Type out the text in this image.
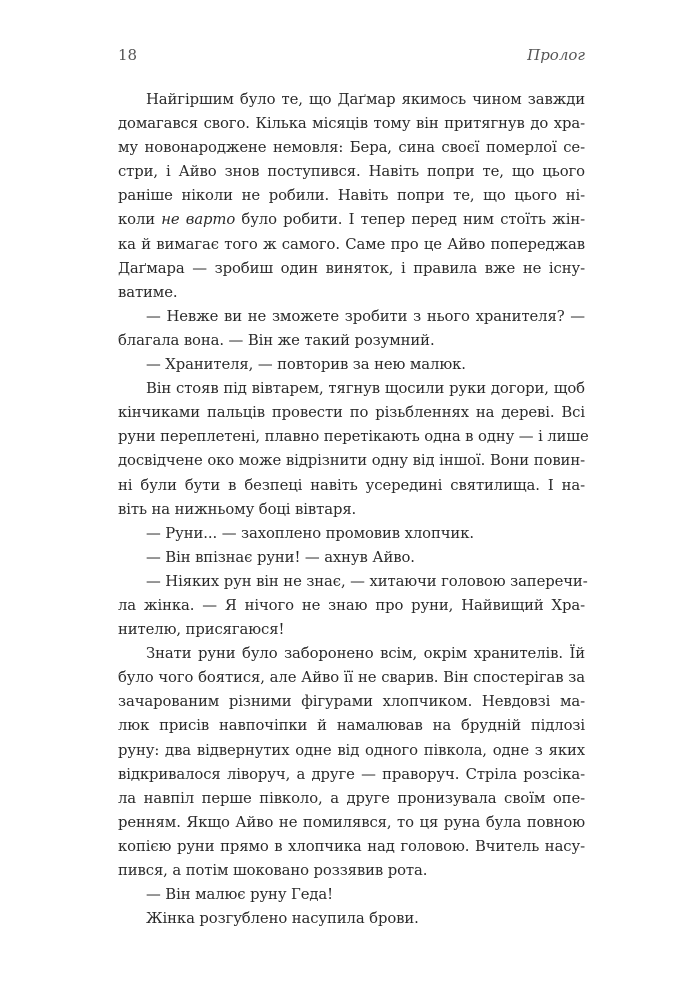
18	Пролог
Найгіршим було те, що Даґмар якимось чином завжди
домагався свого. Кілька місяців тому він притягнув до хра-
му новонароджене немовля: Бера, сина своєї померлої се-
стри, і Айво знов поступився. Навіть попри те, що цього
раніше ніколи не робили. Навіть попри те, що цього ні-
коли не варто було робити. І тепер перед ним стоїть жін-
ка й вимагає того ж самого. Саме про це Айво попереджав
Даґмара — зробиш один виняток, і правила вже не існу-
ватиме.
— Невже ви не зможете зробити з нього хранителя? —
благала вона. — Він же такий розумний.
— Хранителя, — повторив за нею малюк.
Він стояв під вівтарем, тягнув щосили руки догори, щоб
кінчиками пальців провести по різьбленнях на дереві. Всі
руни переплетені, плавно перетікають одна в одну — і лише
досвідчене око може відрізнити одну від іншої. Вони повин-
ні були бути в безпеці навіть усередині святилища. І на-
віть на нижньому боці вівтаря.
— Руни... — захоплено промовив хлопчик.
— Він впізнає руни! — ахнув Айво.
— Ніяких рун він не знає, — хитаючи головою заперечи-
ла жінка. — Я нічого не знаю про руни, Найвищий Хра-
нителю, присягаюся!
Знати руни було заборонено всім, окрім хранителів. Їй
було чого боятися, але Айво її не сварив. Він спостерігав за
зачарованим різними фігурами хлопчиком. Невдовзі ма-
люк присів навпочіпки й намалював на брудній підлозі
руну: два відвернутих одне від одного півкола, одне з яких
відкривалося ліворуч, а друге — праворуч. Стріла розсіка-
ла навпіл перше півколо, а друге пронизувала своїм опе-
ренням. Якщо Айво не помилявся, то ця руна була повною
копією руни прямо в хлопчика над головою. Вчитель насу-
пився, а потім шоковано роззявив рота.
— Він малює руну Геда!
Жінка розгублено насупила брови.
